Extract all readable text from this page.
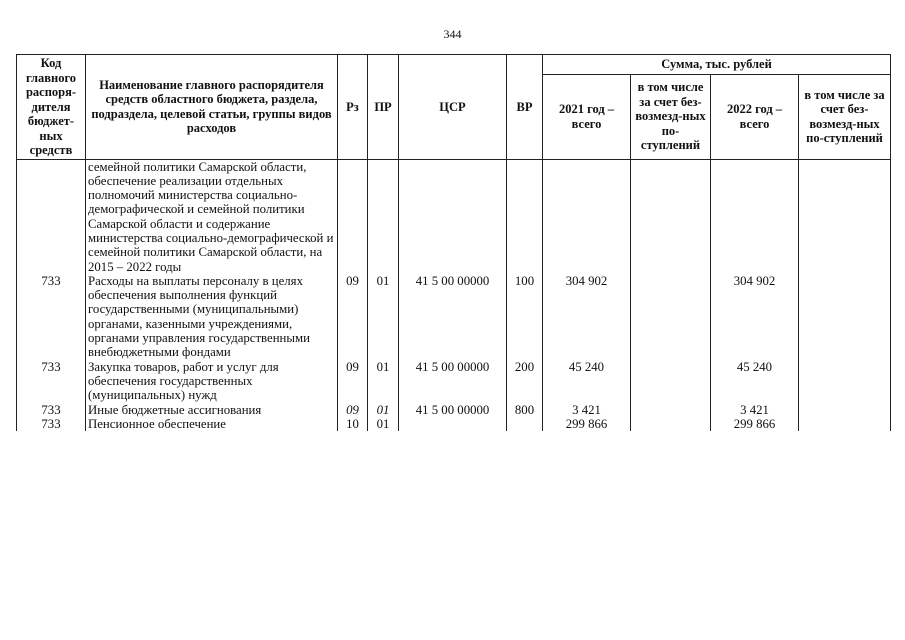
344
Код главного распоря-дителя бюджет-ных средств	Наименование главного распорядителя средств областного бюджета, раздела, подраздела, целевой статьи, группы видов расходов	Рз	ПР	ЦСР	ВР	Сумма, тыс. рублей			
						2021 год – всего	в том числе за счет без-возмезд-ных по-ступлений	2022 год – всего	в том числе за счет без-возмезд-ных по-ступлений
	семейной политики Самарской области, обеспечение реализации отдельных полномочий министерства социально-демографической и семейной политики Самарской области и содержание министерства социально-демографической и семейной политики Самарской области, на 2015 – 2022 годы								
733	Расходы на выплаты персоналу в целях обеспечения выполнения функций государственными (муниципальными) органами, казенными учреждениями, органами управления государственными внебюджетными фондами	09	01	41 5 00 00000	100	304 902		304 902	
733	Закупка товаров, работ и услуг для обеспечения государственных (муниципальных) нужд	09	01	41 5 00 00000	200	45 240		45 240	
733	Иные бюджетные ассигнования	09	01	41 5 00 00000	800	3 421		3 421	
733	Пенсионное обеспечение	10	01			299 866		299 866	
